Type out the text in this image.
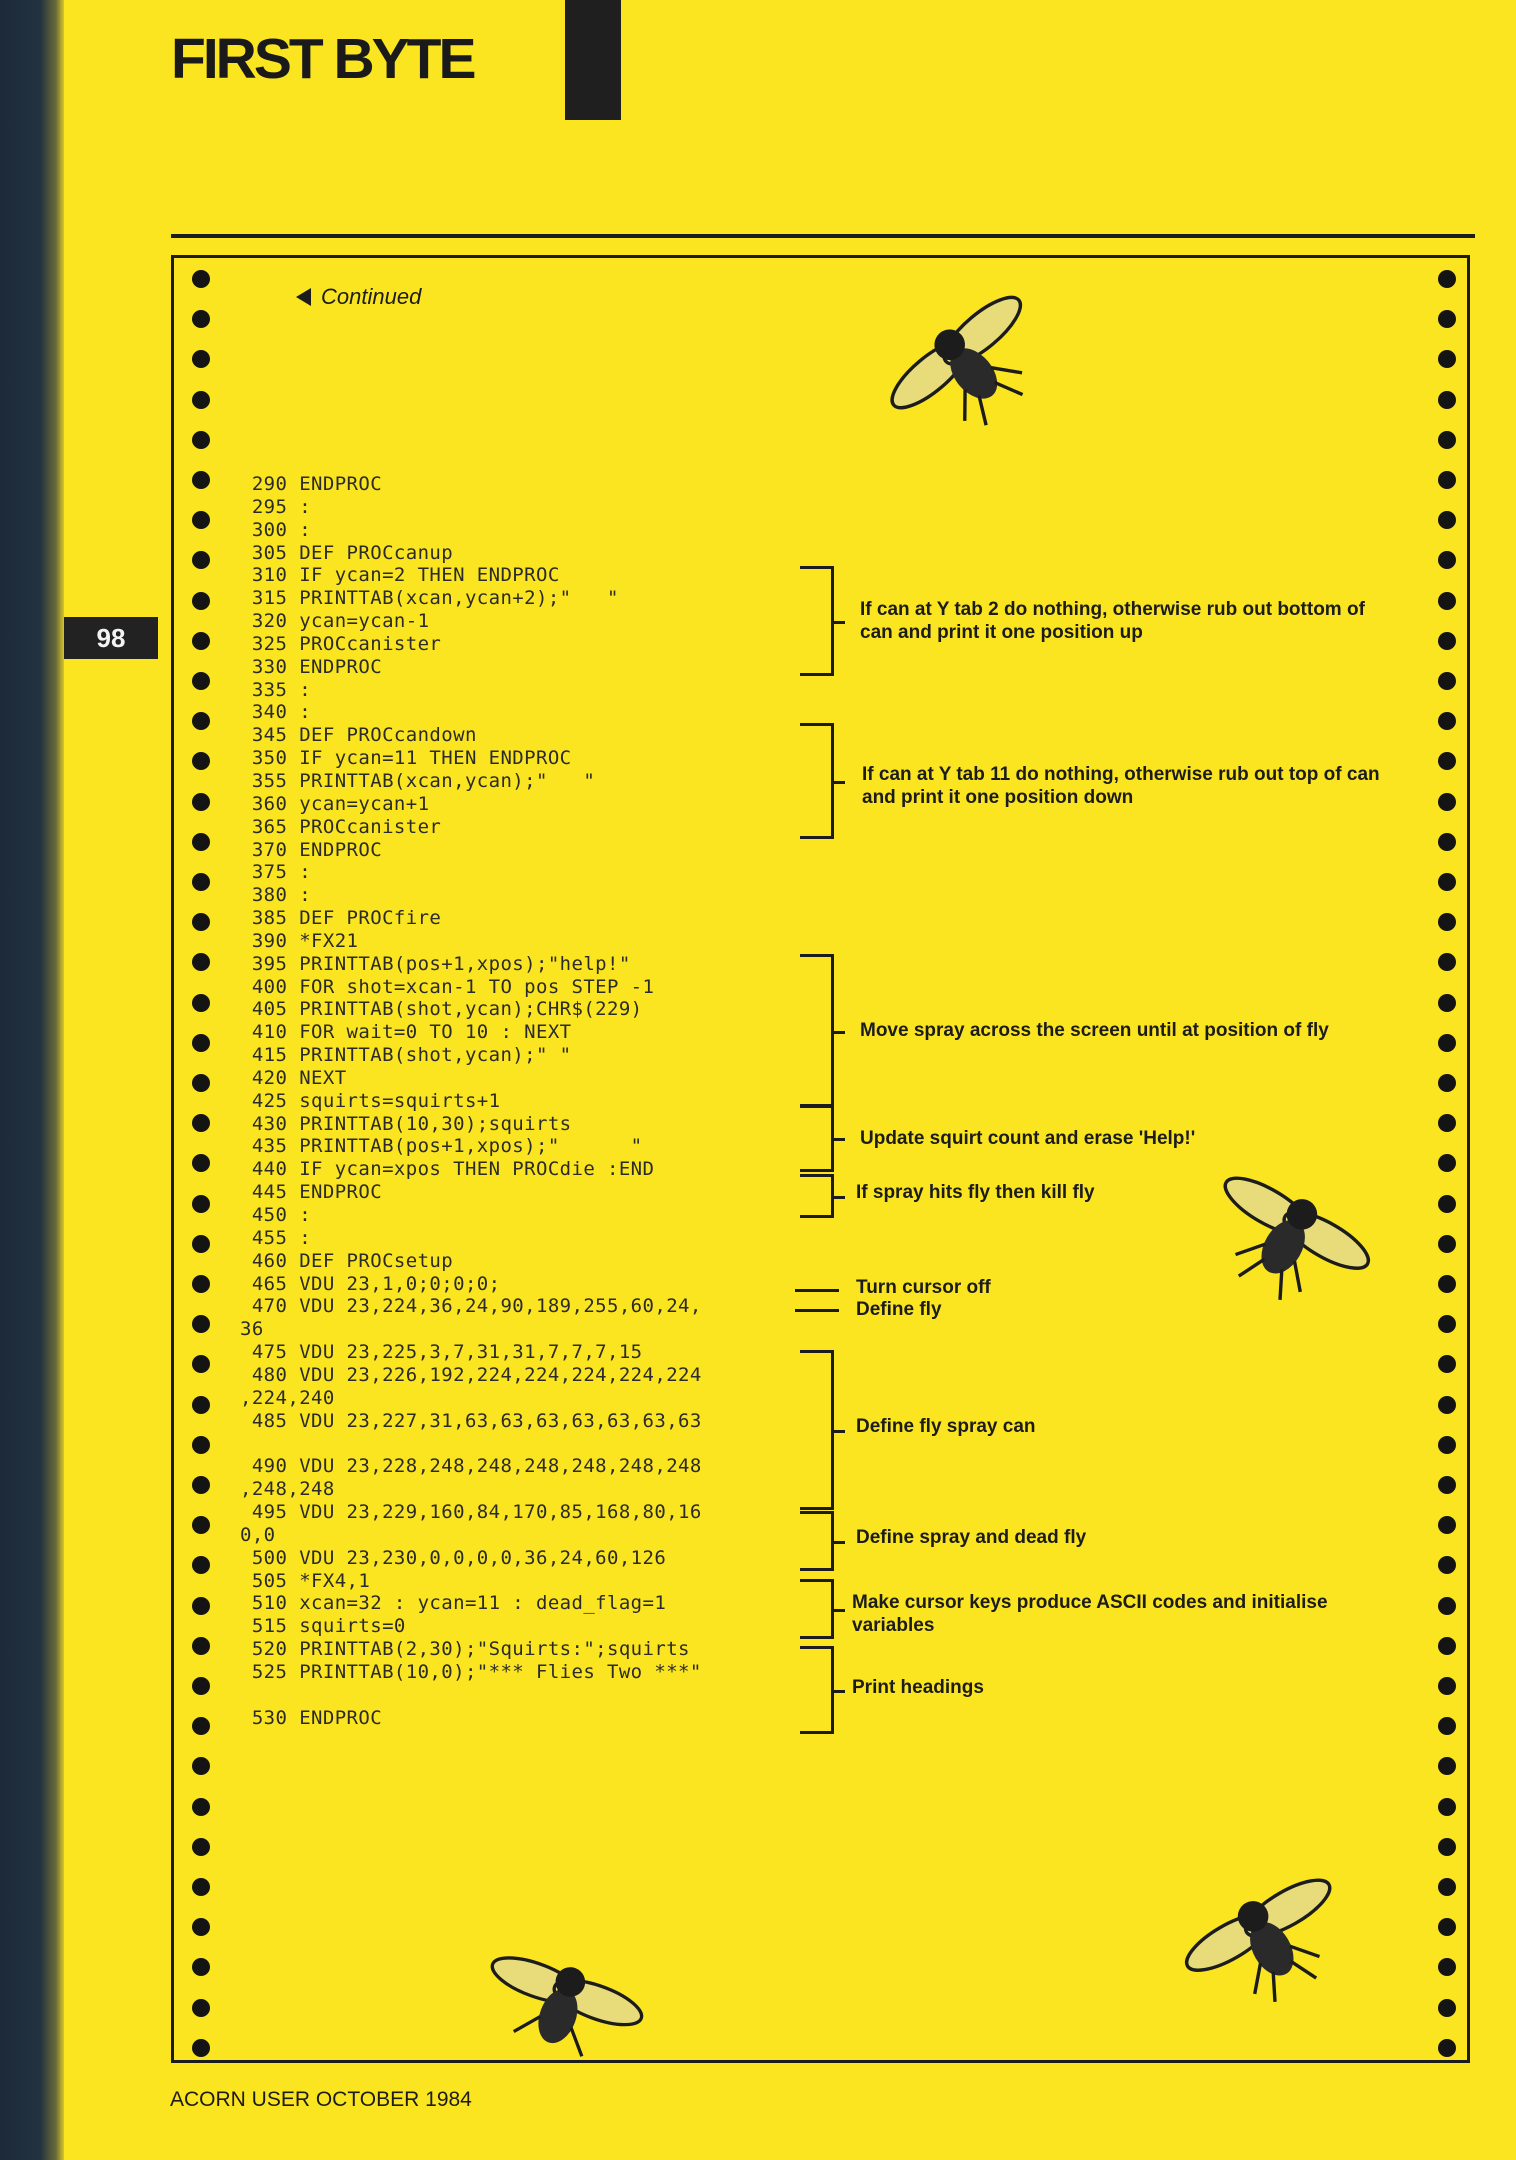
FIRST BYTE
98
Continued
290 ENDPROC
295 :
300 :
305 DEF PROCcanup
310 IF ycan=2 THEN ENDPROC
315 PRINTTAB(xcan,ycan+2);"   "
320 ycan=ycan-1
325 PROCcanister
330 ENDPROC
335 :
340 :
345 DEF PROCcandown
350 IF ycan=11 THEN ENDPROC
355 PRINTTAB(xcan,ycan);"   "
360 ycan=ycan+1
365 PROCcanister
370 ENDPROC
375 :
380 :
385 DEF PROCfire
390 *FX21
395 PRINTTAB(pos+1,xpos);"help!"
400 FOR shot=xcan-1 TO pos STEP -1
405 PRINTTAB(shot,ycan);CHR$(229)
410 FOR wait=0 TO 10 : NEXT
415 PRINTTAB(shot,ycan);" "
420 NEXT
425 squirts=squirts+1
430 PRINTTAB(10,30);squirts
435 PRINTTAB(pos+1,xpos);"      "
440 IF ycan=xpos THEN PROCdie :END
445 ENDPROC
450 :
455 :
460 DEF PROCsetup
465 VDU 23,1,0;0;0;0;
470 VDU 23,224,36,24,90,189,255,60,24,
36
475 VDU 23,225,3,7,31,31,7,7,7,15
480 VDU 23,226,192,224,224,224,224,224
,224,240
485 VDU 23,227,31,63,63,63,63,63,63,63
490 VDU 23,228,248,248,248,248,248,248
,248,248
495 VDU 23,229,160,84,170,85,168,80,16
0,0
500 VDU 23,230,0,0,0,0,36,24,60,126
505 *FX4,1
510 xcan=32 : ycan=11 : dead_flag=1
515 squirts=0
520 PRINTTAB(2,30);"Squirts:";squirts
525 PRINTTAB(10,0);"*** Flies Two ***"
530 ENDPROC
If can at Y tab 2 do nothing, otherwise rub out bottom of can and print it one position up
If can at Y tab 11 do nothing, otherwise rub out top of can and print it one position down
Move spray across the screen until at position of fly
Update squirt count and erase 'Help!'
If spray hits fly then kill fly
Turn cursor off
Define fly
Define fly spray can
Define spray and dead fly
Make cursor keys produce ASCII codes and initialise variables
Print headings
ACORN USER OCTOBER 1984
